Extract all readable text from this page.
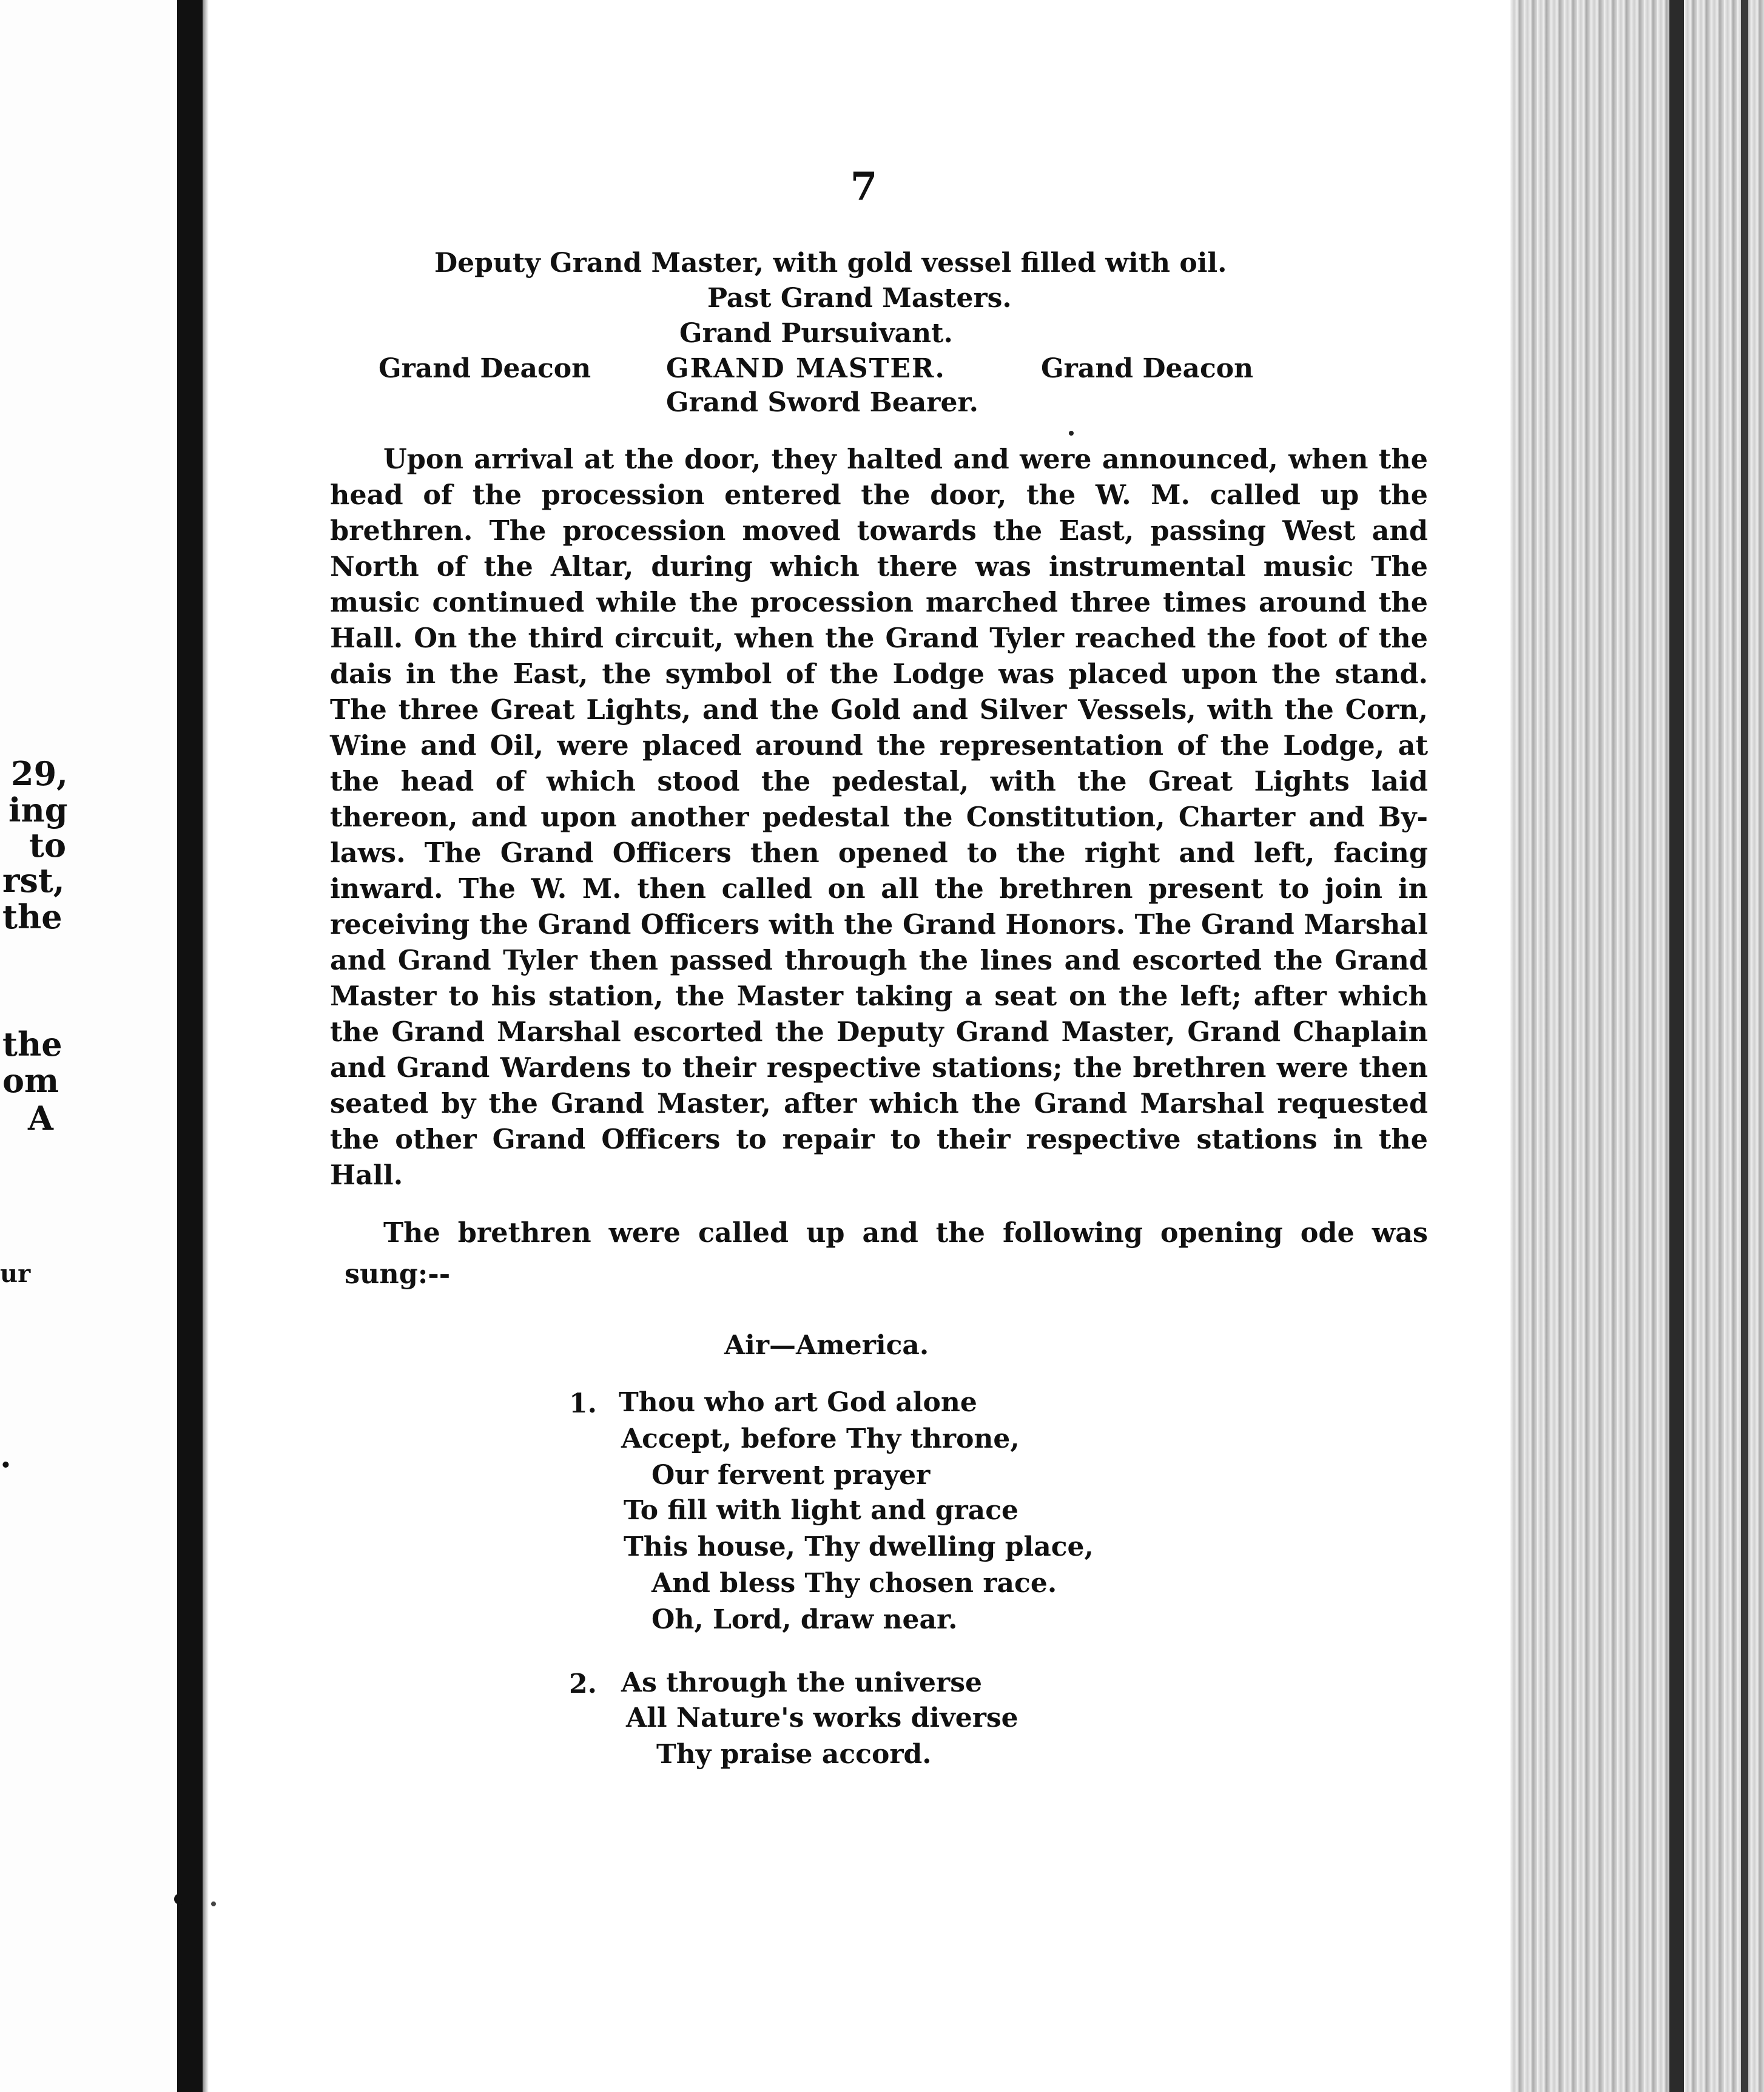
29,
ing
to
rst,
the
the
om
A
ur
.
7
Deputy Grand Master, with gold vessel filled with oil.
Past Grand Masters.
Grand Pursuivant.
Grand Deacon	GRAND MASTER.	Grand Deacon
Grand Sword Bearer.

Upon arrival at the door, they halted and were announced, when the head of the procession entered the door, the W. M. called up the brethren. The procession moved towards the East, passing West and North of the Altar, during which there was instrumental music The music continued while the procession marched three times around the Hall. On the third circuit, when the Grand Tyler reached the foot of the dais in the East, the symbol of the Lodge was placed upon the stand. The three Great Lights, and the Gold and Silver Vessels, with the Corn, Wine and Oil, were placed around the representation of the Lodge, at the head of which stood the pedestal, with the Great Lights laid thereon, and upon another pedestal the Constitution, Charter and By-laws. The Grand Officers then opened to the right and left, facing inward. The W. M. then called on all the brethren present to join in receiving the Grand Officers with the Grand Honors. The Grand Marshal and Grand Tyler then passed through the lines and escorted the Grand Master to his station, the Master taking a seat on the left; after which the Grand Marshal escorted the Deputy Grand Master, Grand Chaplain and Grand Wardens to their respective stations; the brethren were then seated by the Grand Master, after which the Grand Marshal requested the other Grand Officers to repair to their respective stations in the Hall.

The brethren were called up and the following opening ode was sung:--

Air—America.
1. Thou who art God alone
Accept, before Thy throne,
Our fervent prayer
To fill with light and grace
This house, Thy dwelling place,
And bless Thy chosen race.
Oh, Lord, draw near.
2. As through the universe
All Nature's works diverse
Thy praise accord.
